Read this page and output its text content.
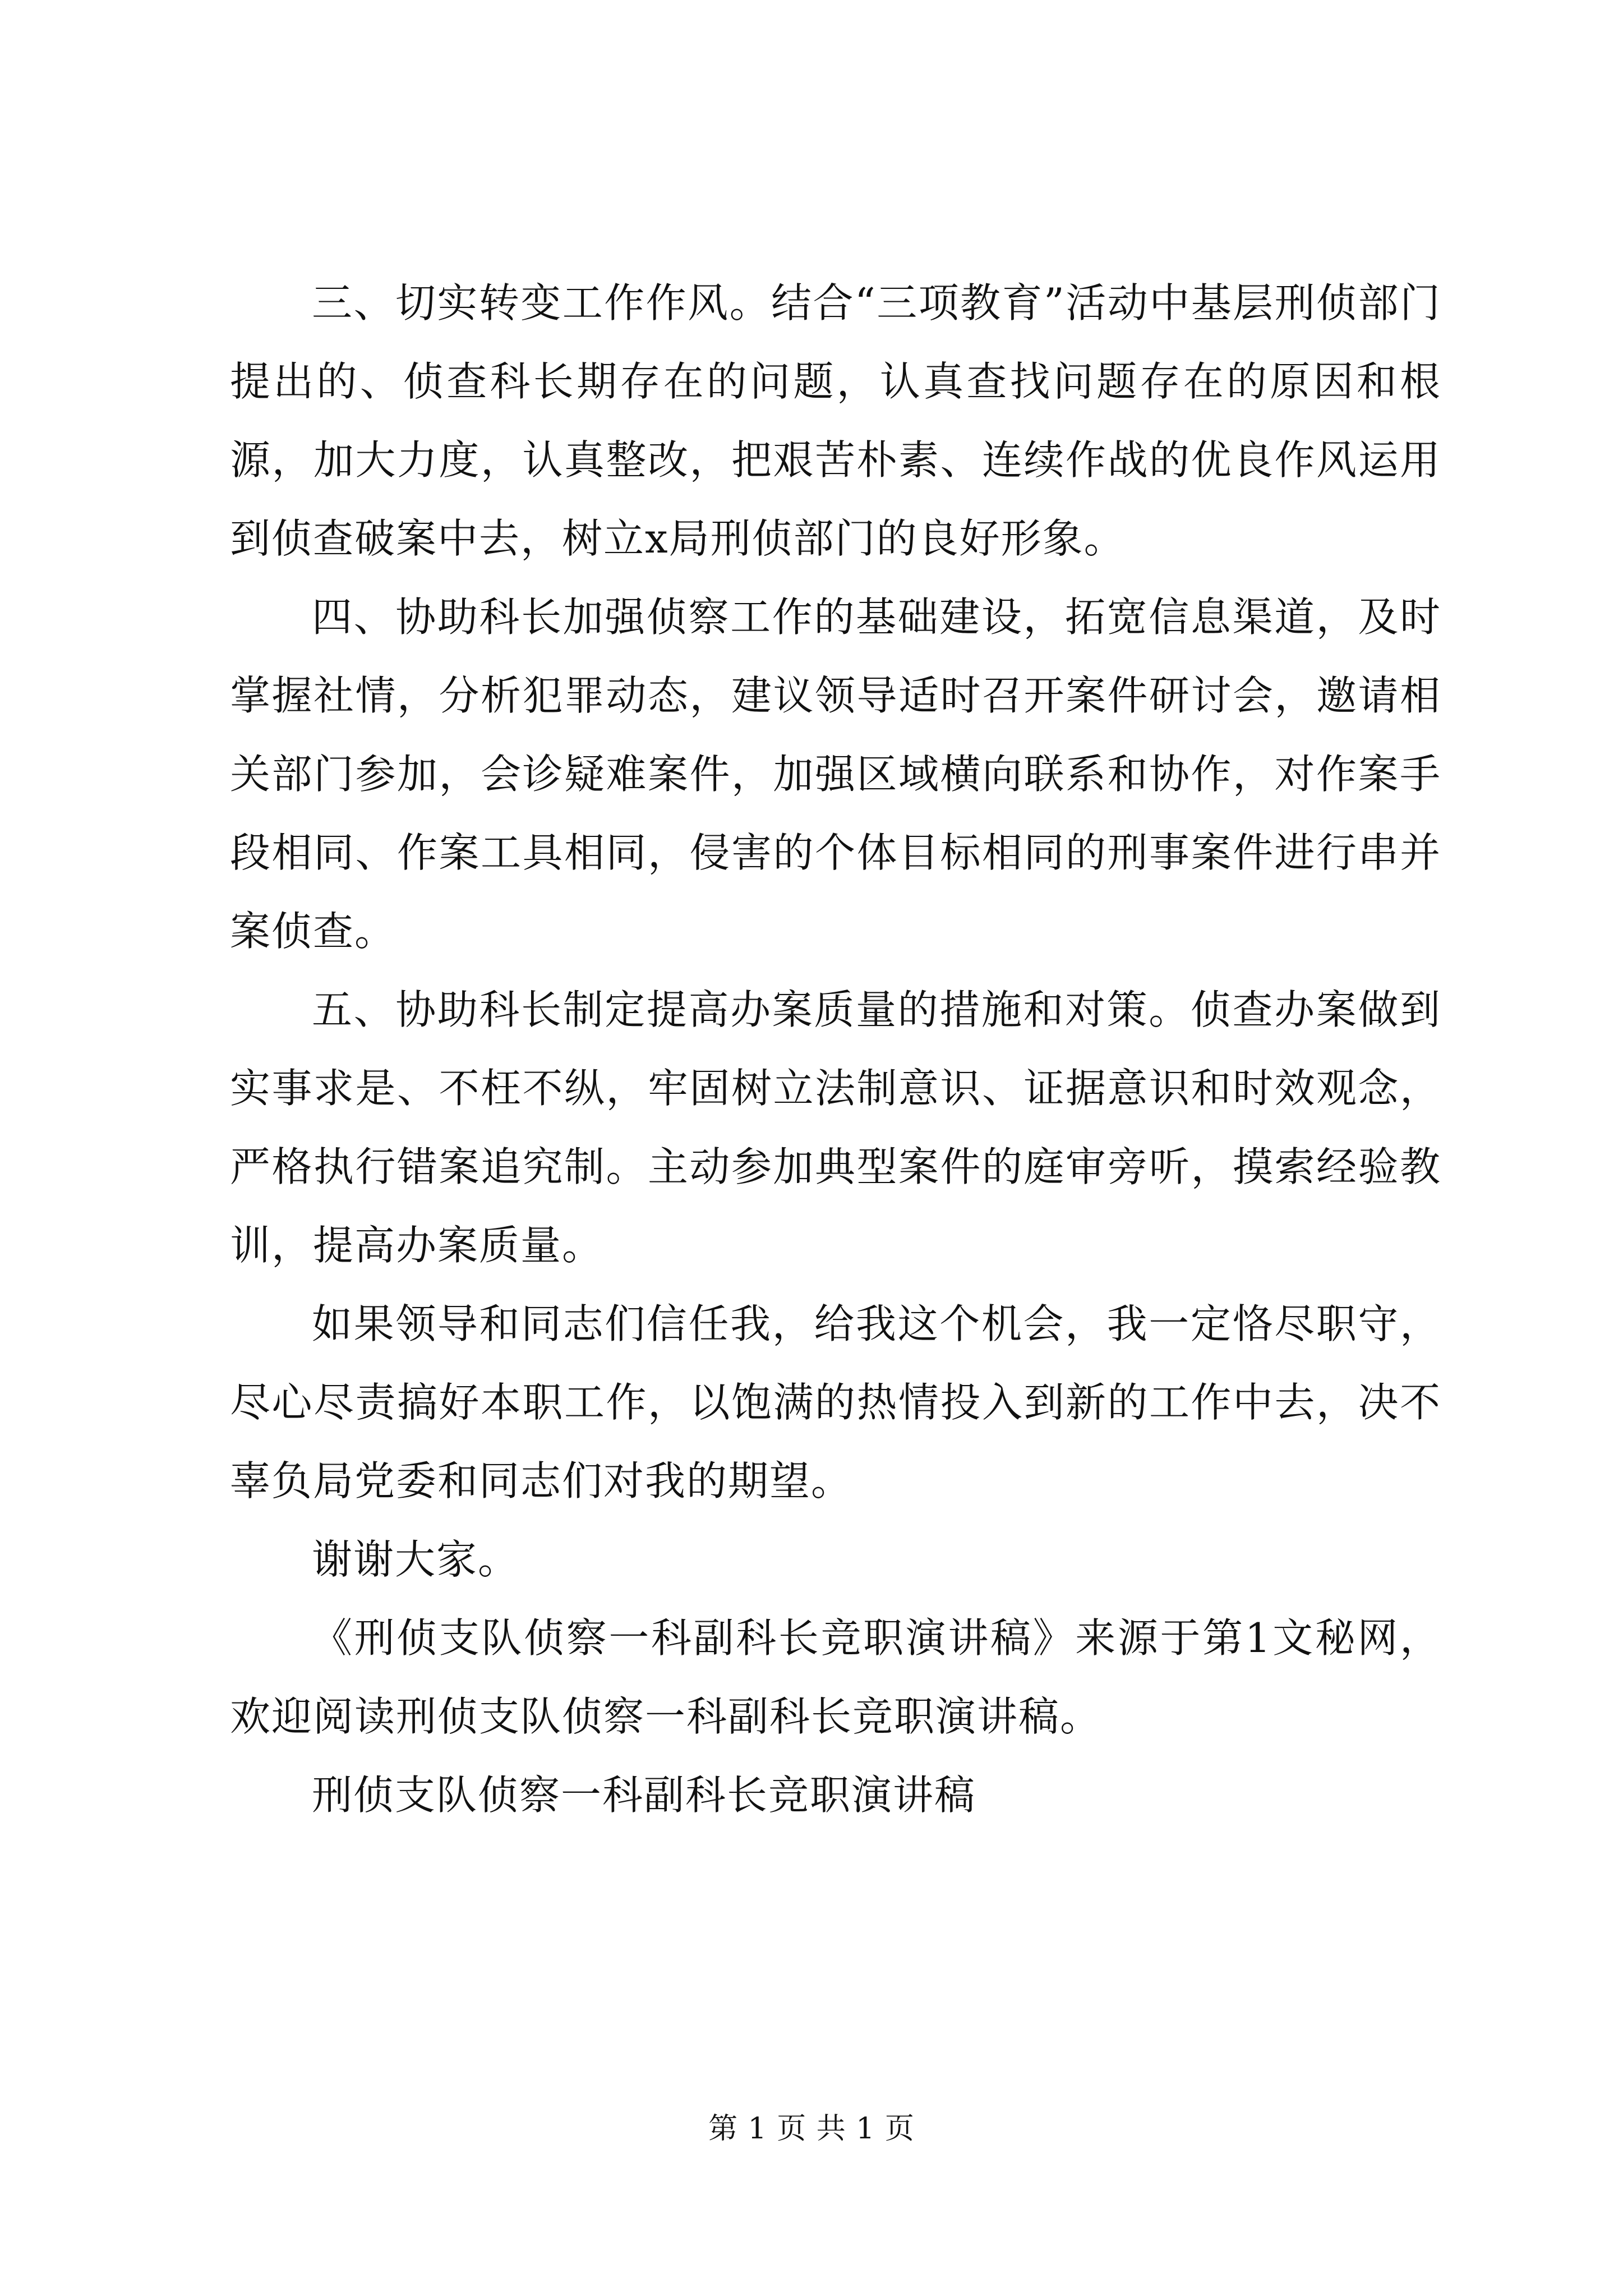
三、切实转变工作作风。结合“三项教育”活动中基层刑侦部门提出的、侦查科长期存在的问题，认真查找问题存在的原因和根源，加大力度，认真整改，把艰苦朴素、连续作战的优良作风运用到侦查破案中去，树立x局刑侦部门的良好形象。

四、协助科长加强侦察工作的基础建设，拓宽信息渠道，及时掌握社情，分析犯罪动态，建议领导适时召开案件研讨会，邀请相关部门参加，会诊疑难案件，加强区域横向联系和协作，对作案手段相同、作案工具相同，侵害的个体目标相同的刑事案件进行串并案侦查。

五、协助科长制定提高办案质量的措施和对策。侦查办案做到实事求是、不枉不纵，牢固树立法制意识、证据意识和时效观念，严格执行错案追究制。主动参加典型案件的庭审旁听，摸索经验教训，提高办案质量。

如果领导和同志们信任我，给我这个机会，我一定恪尽职守，尽心尽责搞好本职工作，以饱满的热情投入到新的工作中去，决不辜负局党委和同志们对我的期望。

谢谢大家。

《刑侦支队侦察一科副科长竞职演讲稿》来源于第1文秘网，欢迎阅读刑侦支队侦察一科副科长竞职演讲稿。

刑侦支队侦察一科副科长竞职演讲稿

第 1 页 共 1 页
